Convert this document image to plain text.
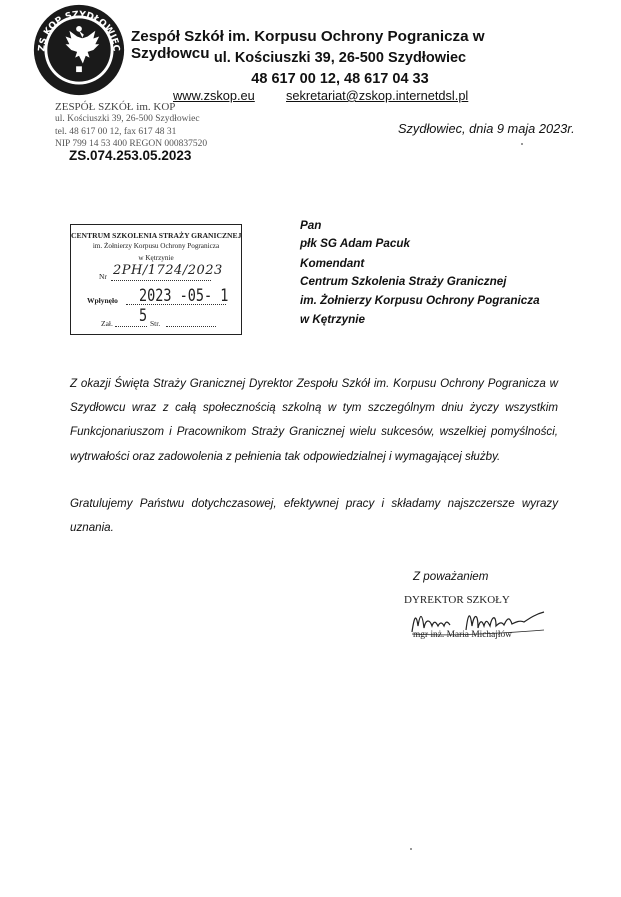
ZS KOP SZYDŁOWIEC
Zespół Szkół im. Korpusu Ochrony Pogranicza w Szydłowcu ul. Kościuszki 39, 26-500 Szydłowiec
48 617 00 12, 48 617 04 33
www.zskop.eu sekretariat@zskop.internetdsl.pl
ZESPÓŁ SZKÓŁ im. KOP
ul. Kościuszki 39, 26-500 Szydłowiec
tel. 48 617 00 12, fax 617 48 31
NIP 799 14 53 400 REGON 000837520
ZS.074.253.05.2023
Szydłowiec, dnia 9 maja 2023r.
CENTRUM SZKOLENIA STRAŻY GRANICZNEJ
im. Żołnierzy Korpusu Ochrony Pogranicza
w Kętrzynie
Nr 2PH/1724/2023
Wpłynęło 2023 -05- 1 5
Zał.	Str.
Pan
płk SG Adam Pacuk
Komendant
Centrum Szkolenia Straży Granicznej
im. Żołnierzy Korpusu Ochrony Pogranicza
w Kętrzynie
Z okazji Święta Straży Granicznej Dyrektor Zespołu Szkół im. Korpusu Ochrony Pogranicza w Szydłowcu wraz z całą społecznością szkolną w tym szczególnym dniu życzy wszystkim Funkcjonariuszom i Pracownikom Straży Granicznej wielu sukcesów, wszelkiej pomyślności, wytrwałości oraz zadowolenia z pełnienia tak odpowiedzialnej i wymagającej służby.
Gratulujemy Państwu dotychczasowej, efektywnej pracy i składamy najszczersze wyrazy uznania.
Z poważaniem
DYREKTOR SZKOŁY
mgr inż. Maria Michajłów
